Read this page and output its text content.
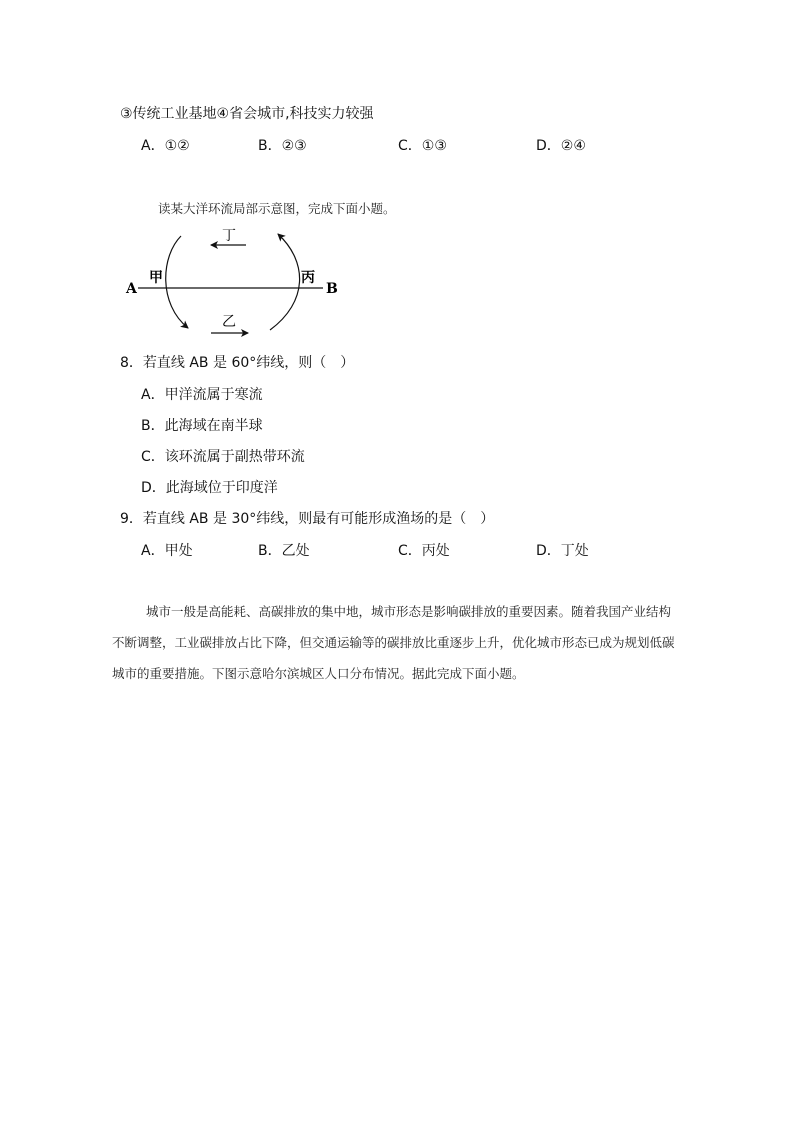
③传统工业基地④省会城市,科技实力较强
A．①②	B．②③	C．①③	D．②④
读某大洋环流局部示意图，完成下面小题。
A	B
甲	丙
丁
乙
8．若直线 AB 是 60°纬线，则（　）
A．甲洋流属于寒流
B．此海域在南半球
C．该环流属于副热带环流
D．此海域位于印度洋
9．若直线 AB 是 30°纬线，则最有可能形成渔场的是（　）
A．甲处	B．乙处	C．丙处	D．丁处
城市一般是高能耗、高碳排放的集中地，城市形态是影响碳排放的重要因素。随着我国产业结构不断调整，工业碳排放占比下降，但交通运输等的碳排放比重逐步上升，优化城市形态已成为规划低碳城市的重要措施。下图示意哈尔滨城区人口分布情况。据此完成下面小题。
